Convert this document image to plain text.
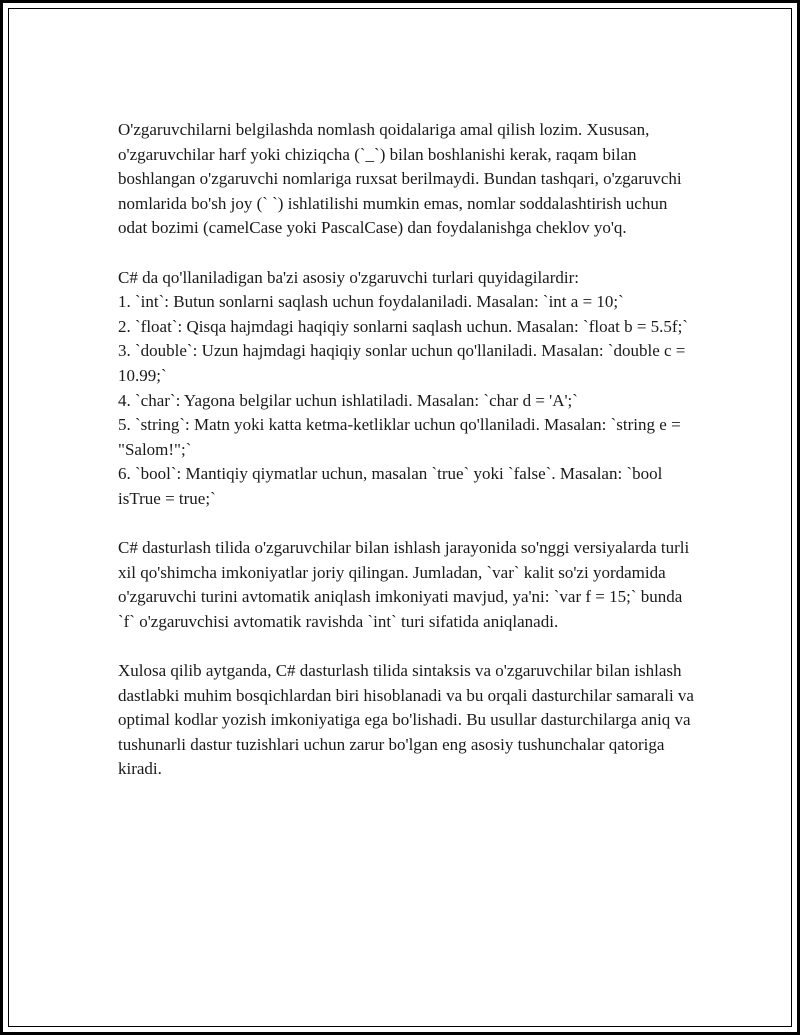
O'zgaruvchilarni belgilashda nomlash qoidalariga amal qilish lozim. Xususan, o'zgaruvchilar harf yoki chiziqcha (`_`) bilan boshlanishi kerak, raqam bilan boshlangan o'zgaruvchi nomlariga ruxsat berilmaydi. Bundan tashqari, o'zgaruvchi nomlarida bo'sh joy (` `) ishlatilishi mumkin emas, nomlar soddalashtirish uchun odat bozimi (camelCase yoki PascalCase) dan foydalanishga cheklov yo'q.

C# da qo'llaniladigan ba'zi asosiy o'zgaruvchi turlari quyidagilardir:

1. `int`: Butun sonlarni saqlash uchun foydalaniladi. Masalan: `int a = 10;`

2. `float`: Qisqa hajmdagi haqiqiy sonlarni saqlash uchun. Masalan: `float b = 5.5f;`

3. `double`: Uzun hajmdagi haqiqiy sonlar uchun qo'llaniladi. Masalan: `double c = 10.99;`

4. `char`: Yagona belgilar uchun ishlatiladi. Masalan: `char d = 'A';`

5. `string`: Matn yoki katta ketma-ketliklar uchun qo'llaniladi. Masalan: `string e = "Salom!";`

6. `bool`: Mantiqiy qiymatlar uchun, masalan `true` yoki `false`. Masalan: `bool isTrue = true;`

C# dasturlash tilida o'zgaruvchilar bilan ishlash jarayonida so'nggi versiyalarda turli xil qo'shimcha imkoniyatlar joriy qilingan. Jumladan, `var` kalit so'zi yordamida o'zgaruvchi turini avtomatik aniqlash imkoniyati mavjud, ya'ni: `var f = 15;` bunda `f` o'zgaruvchisi avtomatik ravishda `int` turi sifatida aniqlanadi.

Xulosa qilib aytganda, C# dasturlash tilida sintaksis va o'zgaruvchilar bilan ishlash dastlabki muhim bosqichlardan biri hisoblanadi va bu orqali dasturchilar samarali va optimal kodlar yozish imkoniyatiga ega bo'lishadi. Bu usullar dasturchilarga aniq va tushunarli dastur tuzishlari uchun zarur bo'lgan eng asosiy tushunchalar qatoriga kiradi.
